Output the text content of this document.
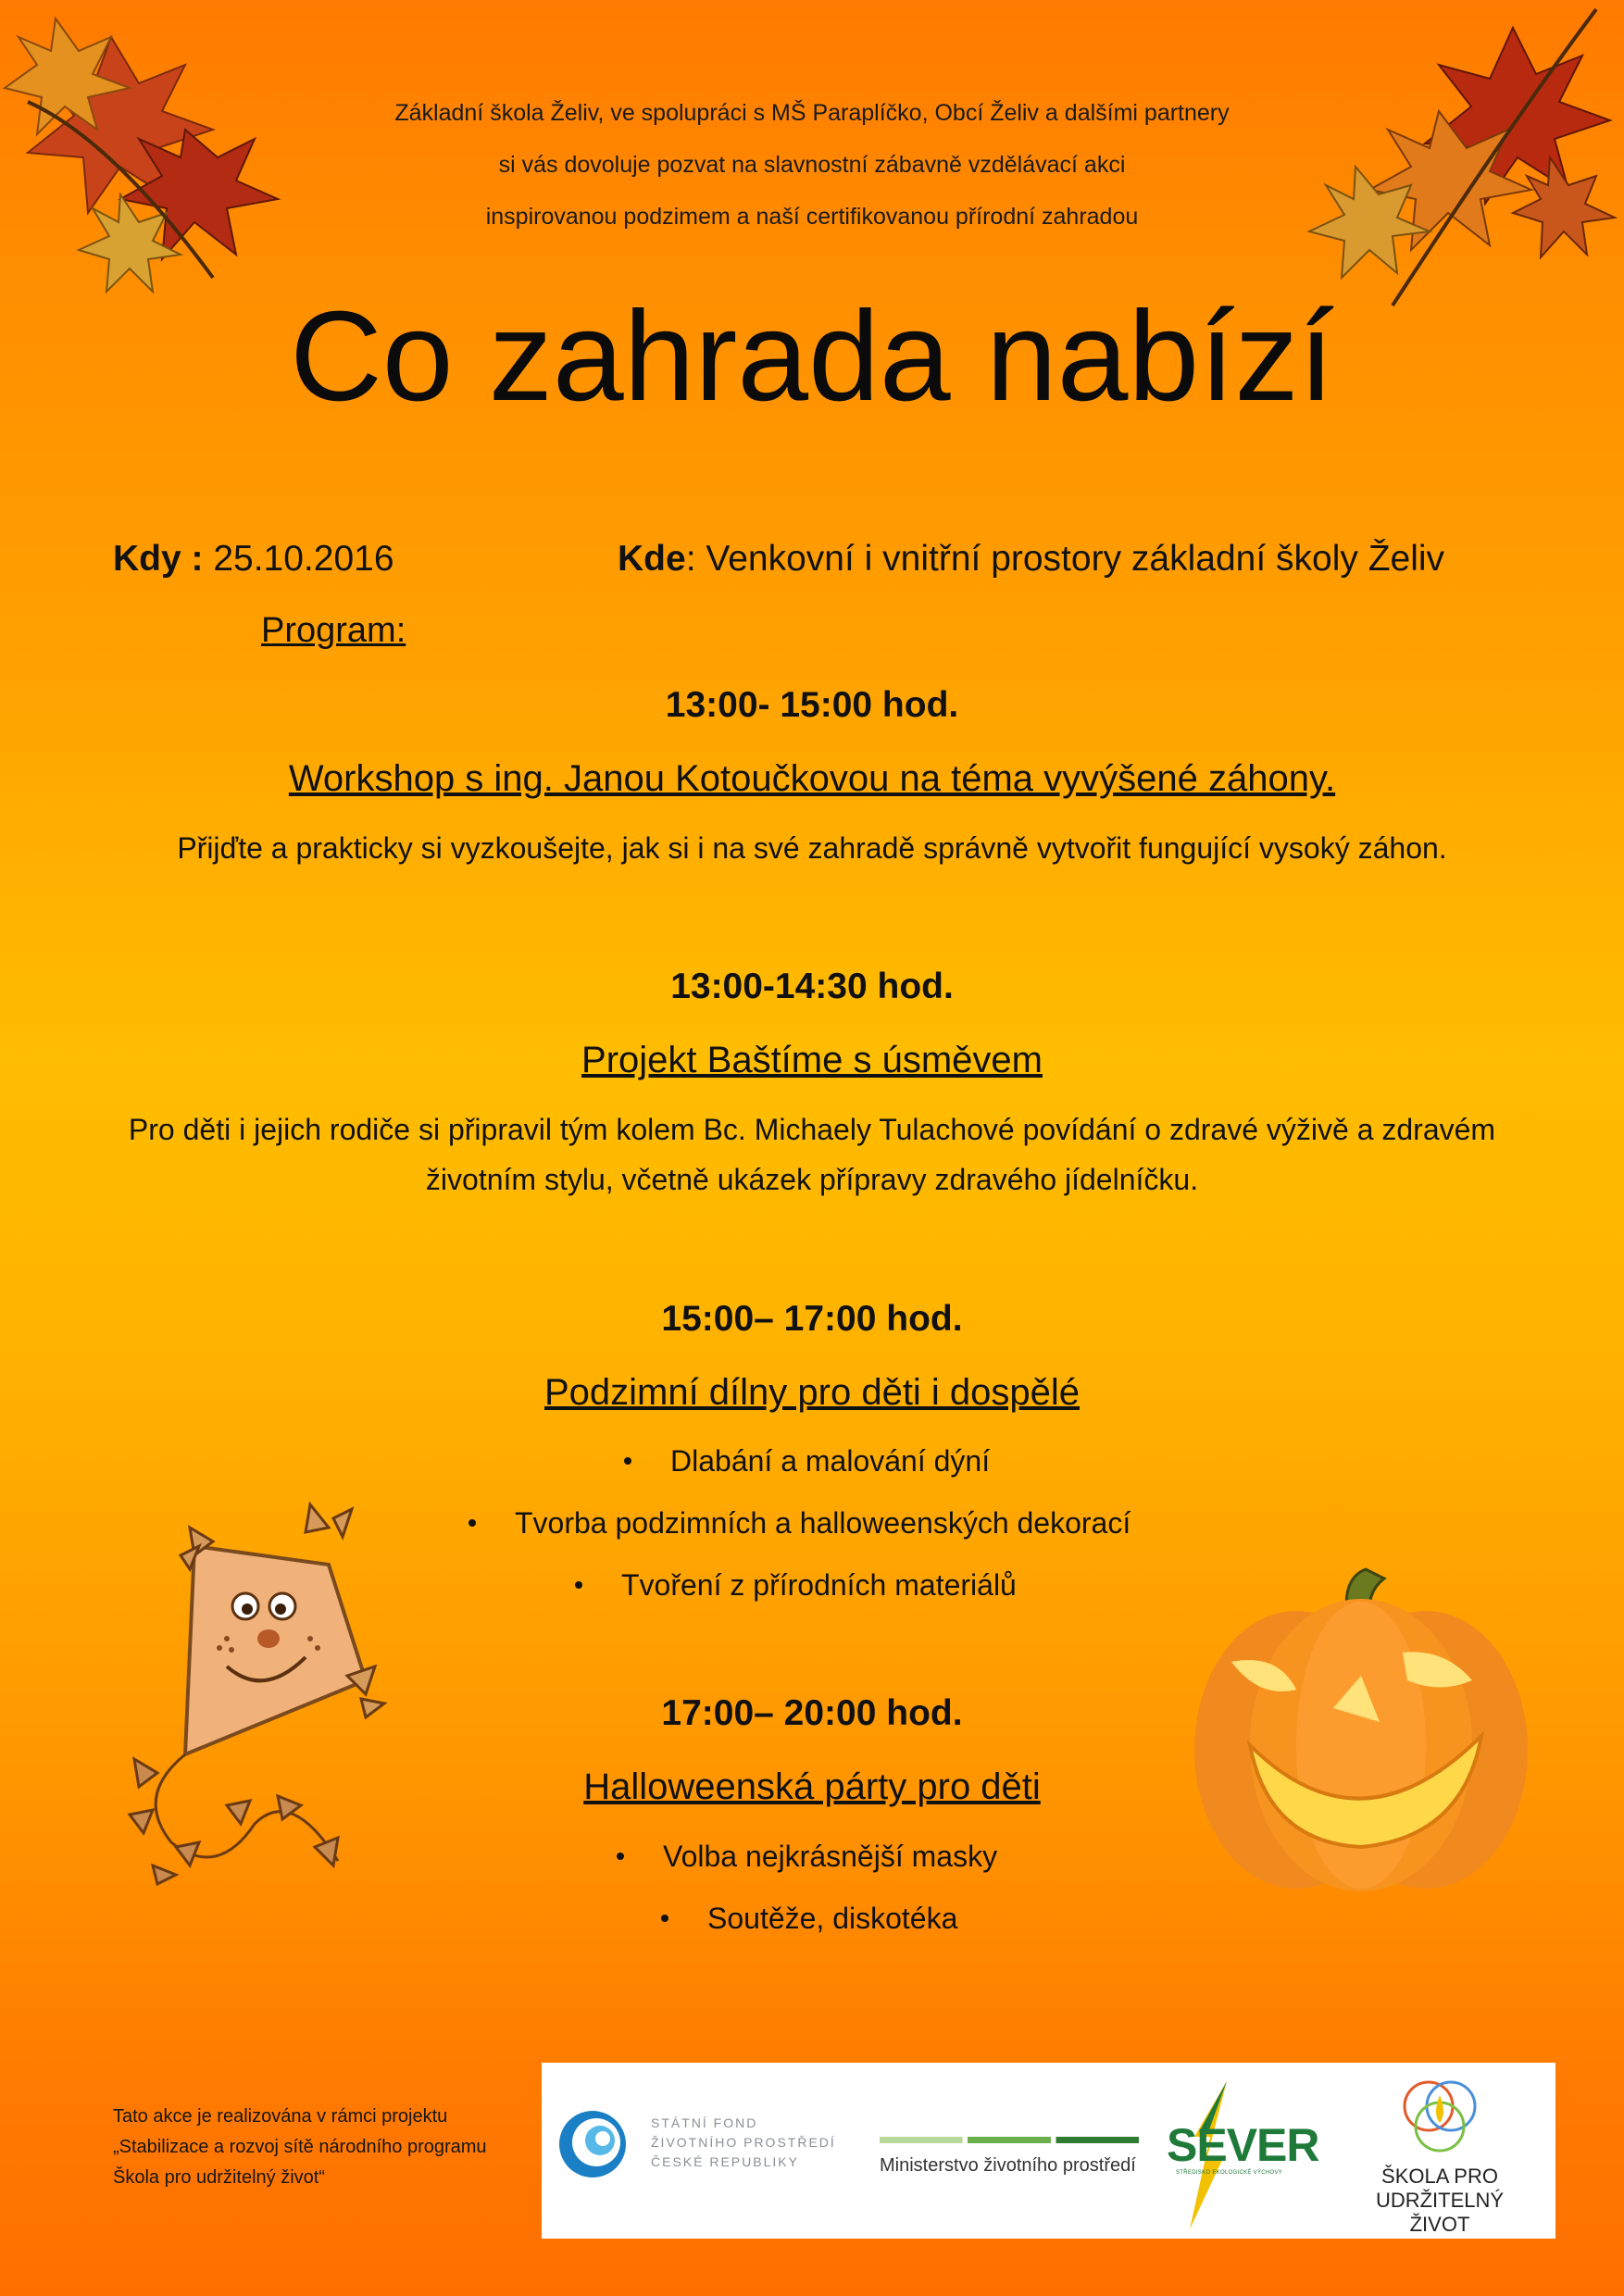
Základní škola Želiv, ve spolupráci s MŠ Paraplíčko, Obcí Želiv a dalšími partnery
si vás dovoluje pozvat na slavnostní zábavně vzdělávací akci
inspirovanou podzimem a naší certifikovanou přírodní zahradou
Co zahrada nabízí
Kdy : 25.10.2016	Kde: Venkovní i vnitřní prostory základní školy Želiv
Program:
13:00- 15:00 hod.
Workshop s ing. Janou Kotoučkovou na téma vyvýšené záhony.
Přijďte a prakticky si vyzkoušejte, jak si i na své zahradě správně vytvořit fungující vysoký záhon.
13:00-14:30 hod.
Projekt Baštíme s úsměvem
Pro děti i jejich rodiče si připravil tým kolem Bc. Michaely Tulachové povídání o zdravé výživě a zdravém
životním stylu, včetně ukázek přípravy zdravého jídelníčku.
15:00– 17:00 hod.
Podzimní dílny pro děti i dospělé
Dlabání a malování dýní
Tvorba podzimních a halloweenských dekorací
Tvoření z přírodních materiálů
17:00– 20:00 hod.
Halloweenská párty pro děti
Volba nejkrásnější masky
Soutěže, diskotéka
Tato akce je realizována v rámci projektu
„Stabilizace a rozvoj sítě národního programu
Škola pro udržitelný život“
STÁTNÍ FOND
ŽIVOTNÍHO PROSTŘEDÍ
ČESKÉ REPUBLIKY	Ministerstvo životního prostředí SEVER
STŘEDISKO EKOLOGICKÉ VÝCHOVY	ŠKOLA PRO
UDRŽITELNÝ ŽIVOT
